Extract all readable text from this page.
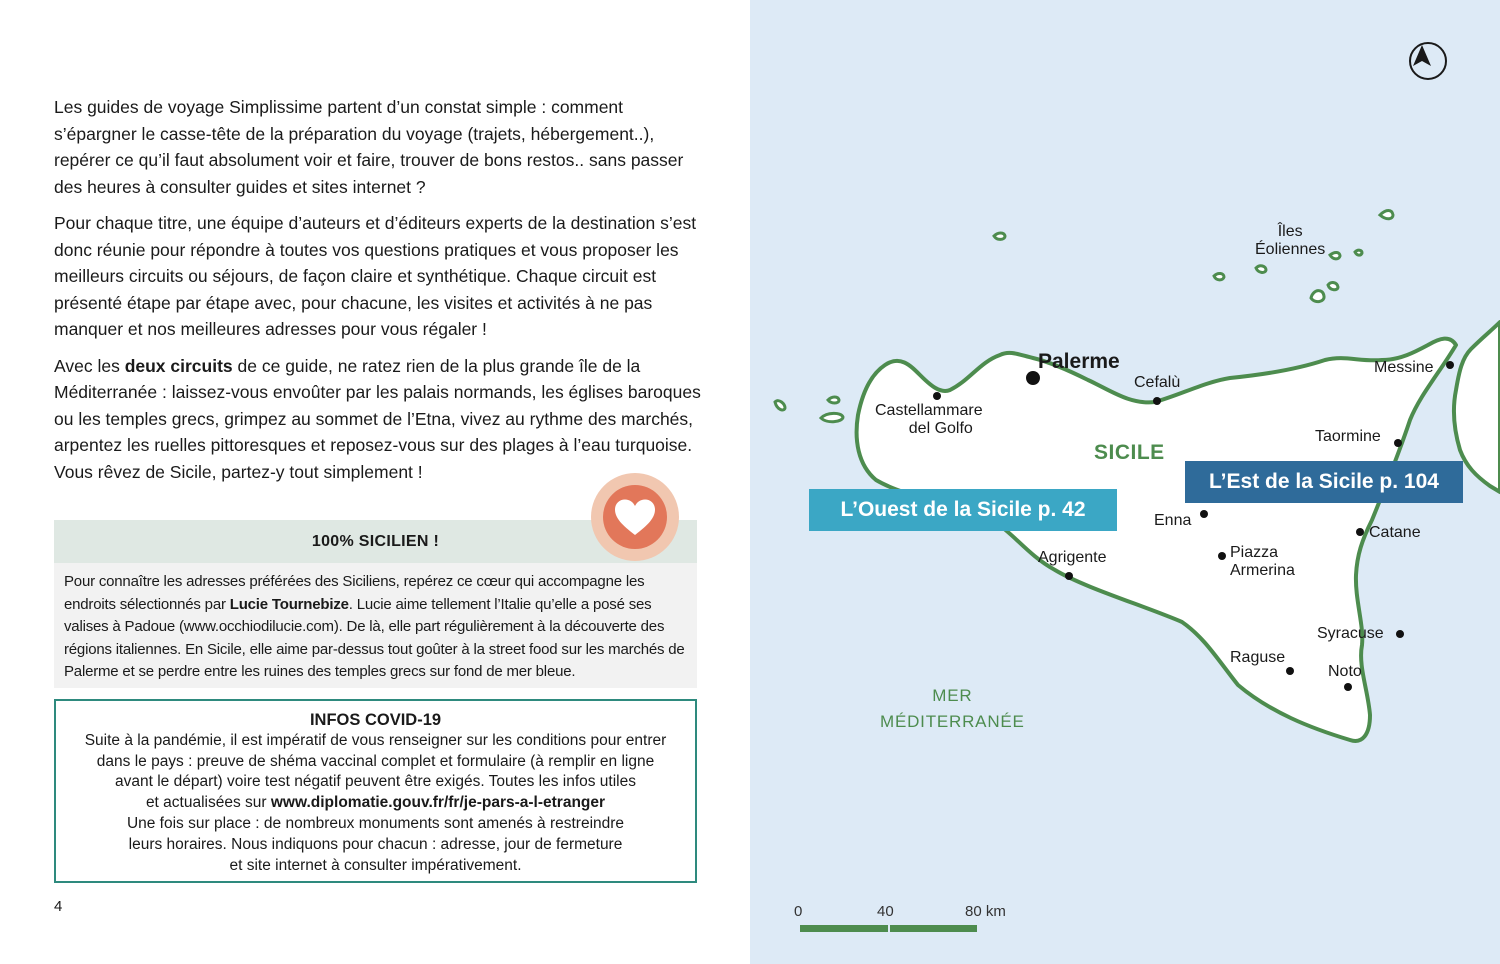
Les guides de voyage Simplissime partent d’un constat simple : comment s’épargner le casse-tête de la préparation du voyage (trajets, hébergement..), repérer ce qu’il faut absolument voir et faire, trouver de bons restos.. sans passer des heures à consulter guides et sites internet ?

Pour chaque titre, une équipe d’auteurs et d’éditeurs experts de la destination s’est donc réunie pour répondre à toutes vos questions pratiques et vous proposer les meilleurs circuits ou séjours, de façon claire et synthétique. Chaque circuit est présenté étape par étape avec, pour chacune, les visites et activités à ne pas manquer et nos meilleures adresses pour vous régaler !

Avec les deux circuits de ce guide, ne ratez rien de la plus grande île de la Méditerranée : laissez-vous envoûter par les palais normands, les églises baroques ou les temples grecs, grimpez au sommet de l’Etna, vivez au rythme des marchés, arpentez les ruelles pittoresques et reposez-vous sur des plages à l’eau turquoise. Vous rêvez de Sicile, partez-y tout simplement !

100% SICILIEN !
Pour connaître les adresses préférées des Siciliens, repérez ce cœur qui accompagne les endroits sélectionnés par Lucie Tournebize. Lucie aime tellement l’Italie qu’elle a posé ses valises à Padoue (www.occhiodilucie.com). De là, elle part régulièrement à la découverte des régions italiennes. En Sicile, elle aime par-dessus tout goûter à la street food sur les marchés de Palerme et se perdre entre les ruines des temples grecs sur fond de mer bleue.
INFOS COVID-19
Suite à la pandémie, il est impératif de vous renseigner sur les conditions pour entrer
dans le pays : preuve de shéma vaccinal complet et formulaire (à remplir en ligne
avant le départ) voire test négatif peuvent être exigés. Toutes les infos utiles
et actualisées sur www.diplomatie.gouv.fr/fr/je-pars-a-l-etranger
Une fois sur place : de nombreux monuments sont amenés à restreindre
leurs horaires. Nous indiquons pour chacun : adresse, jour de fermeture
et site internet à consulter impérativement.
4
Îles
Éoliennes
SICILE
MER
MÉDITERRANÉE
Palerme
Cefalù
Castellammare
del Golfo
Messine
Taormine
Enna
Catane
Agrigente	Piazza
Armerina
Syracuse
Raguse
Noto
L’Ouest de la Sicile p. 42
L’Est de la Sicile p. 104
0	40	80 km
